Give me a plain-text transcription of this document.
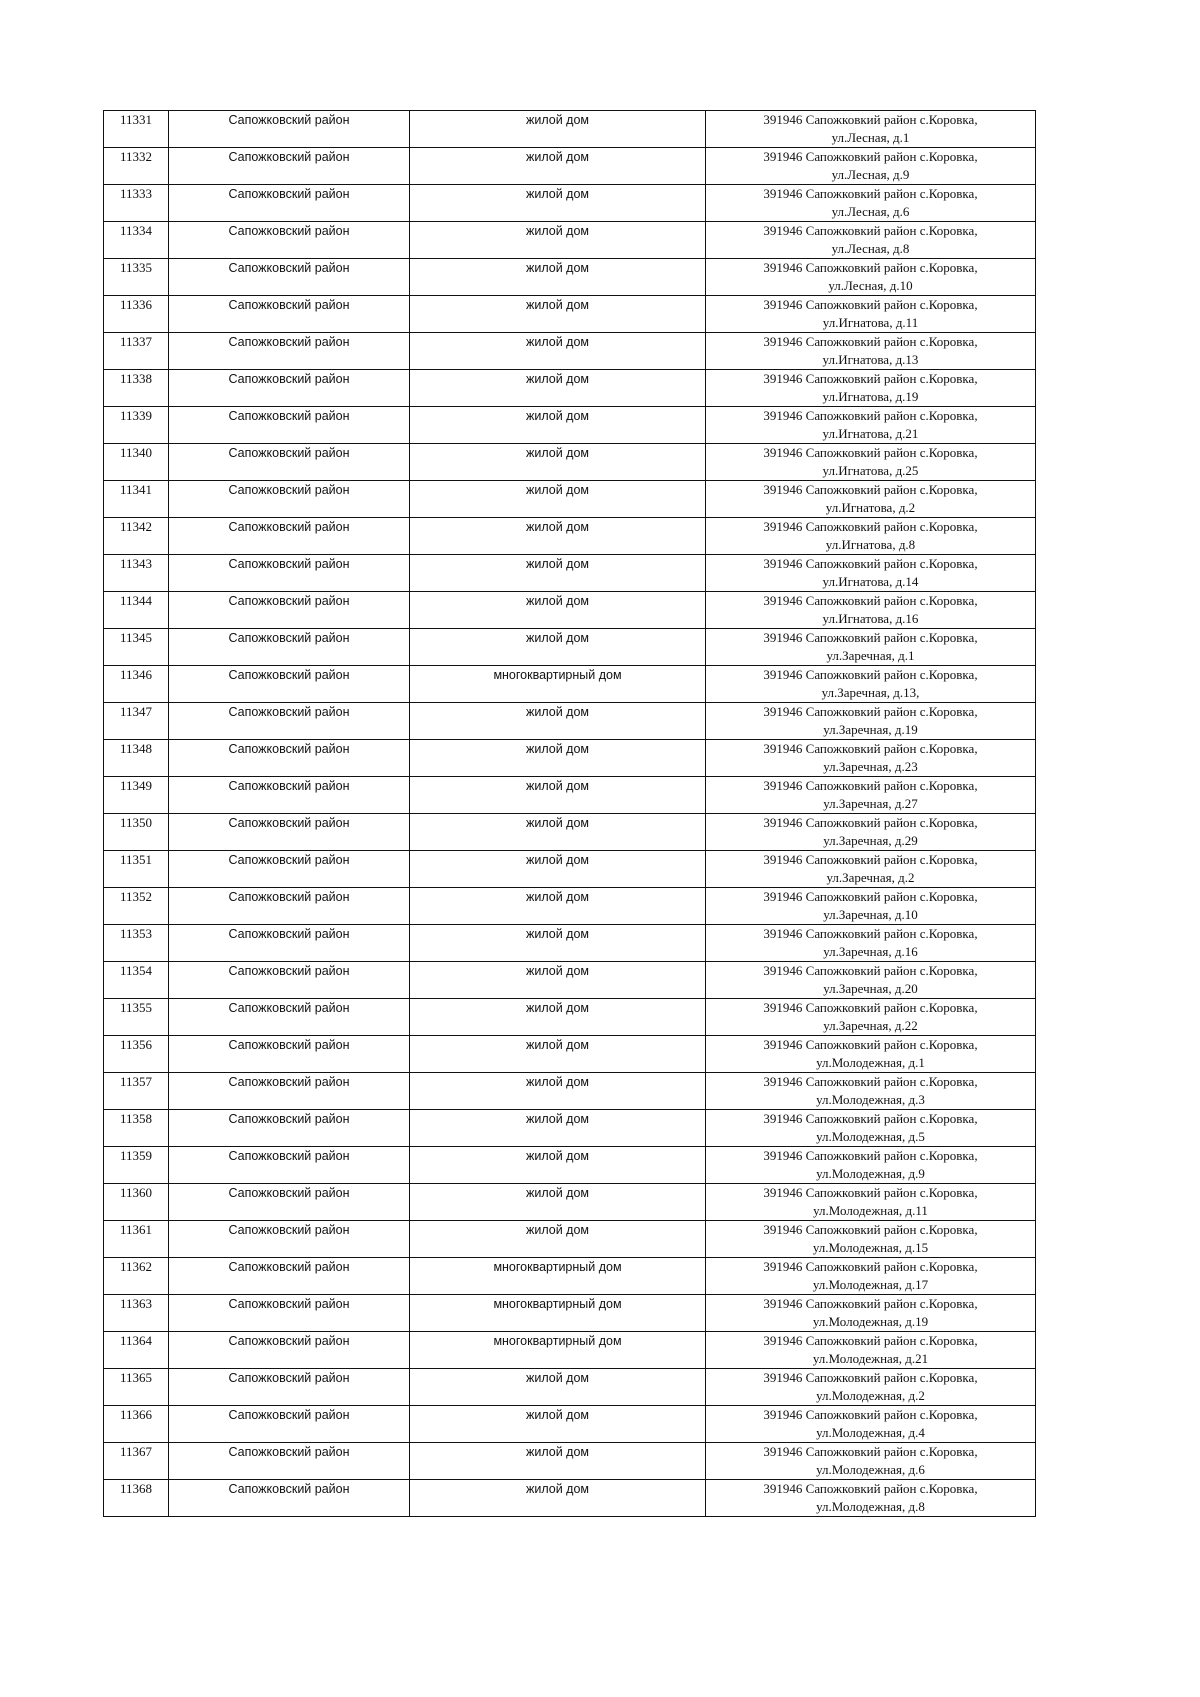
11331	Сапожковский район	жилой дом	391946 Сапожковкий район с.Коровка,
ул.Лесная, д.1

11332	Сапожковский район	жилой дом	391946 Сапожковкий район с.Коровка,
ул.Лесная, д.9

11333	Сапожковский район	жилой дом	391946 Сапожковкий район с.Коровка,
ул.Лесная, д.6

11334	Сапожковский район	жилой дом	391946 Сапожковкий район с.Коровка,
ул.Лесная, д.8

11335	Сапожковский район	жилой дом	391946 Сапожковкий район с.Коровка,
ул.Лесная, д.10

11336	Сапожковский район	жилой дом	391946 Сапожковкий район с.Коровка,
ул.Игнатова, д.11

11337	Сапожковский район	жилой дом	391946 Сапожковкий район с.Коровка,
ул.Игнатова, д.13

11338	Сапожковский район	жилой дом	391946 Сапожковкий район с.Коровка,
ул.Игнатова, д.19

11339	Сапожковский район	жилой дом	391946 Сапожковкий район с.Коровка,
ул.Игнатова, д.21

11340	Сапожковский район	жилой дом	391946 Сапожковкий район с.Коровка,
ул.Игнатова, д.25

11341	Сапожковский район	жилой дом	391946 Сапожковкий район с.Коровка,
ул.Игнатова, д.2

11342	Сапожковский район	жилой дом	391946 Сапожковкий район с.Коровка,
ул.Игнатова, д.8

11343	Сапожковский район	жилой дом	391946 Сапожковкий район с.Коровка,
ул.Игнатова, д.14

11344	Сапожковский район	жилой дом	391946 Сапожковкий район с.Коровка,
ул.Игнатова, д.16

11345	Сапожковский район	жилой дом	391946 Сапожковкий район с.Коровка,
ул.Заречная, д.1

11346	Сапожковский район	многоквартирный дом	391946 Сапожковкий район с.Коровка,
ул.Заречная, д.13,

11347	Сапожковский район	жилой дом	391946 Сапожковкий район с.Коровка,
ул.Заречная, д.19

11348	Сапожковский район	жилой дом	391946 Сапожковкий район с.Коровка,
ул.Заречная, д.23

11349	Сапожковский район	жилой дом	391946 Сапожковкий район с.Коровка,
ул.Заречная, д.27

11350	Сапожковский район	жилой дом	391946 Сапожковкий район с.Коровка,
ул.Заречная, д.29

11351	Сапожковский район	жилой дом	391946 Сапожковкий район с.Коровка,
ул.Заречная, д.2

11352	Сапожковский район	жилой дом	391946 Сапожковкий район с.Коровка,
ул.Заречная, д.10

11353	Сапожковский район	жилой дом	391946 Сапожковкий район с.Коровка,
ул.Заречная, д.16

11354	Сапожковский район	жилой дом	391946 Сапожковкий район с.Коровка,
ул.Заречная, д.20

11355	Сапожковский район	жилой дом	391946 Сапожковкий район с.Коровка,
ул.Заречная, д.22

11356	Сапожковский район	жилой дом	391946 Сапожковкий район с.Коровка,
ул.Молодежная, д.1

11357	Сапожковский район	жилой дом	391946 Сапожковкий район с.Коровка,
ул.Молодежная, д.3

11358	Сапожковский район	жилой дом	391946 Сапожковкий район с.Коровка,
ул.Молодежная, д.5

11359	Сапожковский район	жилой дом	391946 Сапожковкий район с.Коровка,
ул.Молодежная, д.9

11360	Сапожковский район	жилой дом	391946 Сапожковкий район с.Коровка,
ул.Молодежная, д.11

11361	Сапожковский район	жилой дом	391946 Сапожковкий район с.Коровка,
ул.Молодежная, д.15

11362	Сапожковский район	многоквартирный дом	391946 Сапожковкий район с.Коровка,
ул.Молодежная, д.17

11363	Сапожковский район	многоквартирный дом	391946 Сапожковкий район с.Коровка,
ул.Молодежная, д.19

11364	Сапожковский район	многоквартирный дом	391946 Сапожковкий район с.Коровка,
ул.Молодежная, д.21

11365	Сапожковский район	жилой дом	391946 Сапожковкий район с.Коровка,
ул.Молодежная, д.2

11366	Сапожковский район	жилой дом	391946 Сапожковкий район с.Коровка,
ул.Молодежная, д.4

11367	Сапожковский район	жилой дом	391946 Сапожковкий район с.Коровка,
ул.Молодежная, д.6

11368	Сапожковский район	жилой дом	391946 Сапожковкий район с.Коровка,
ул.Молодежная, д.8
